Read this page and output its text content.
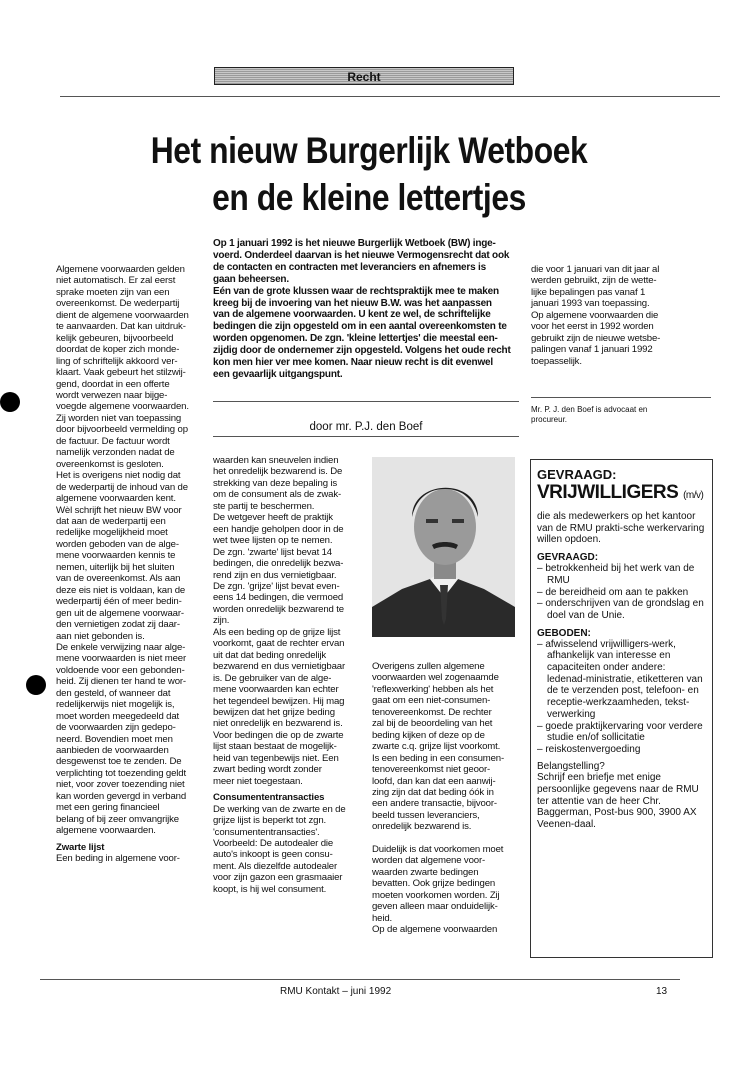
Recht
Het nieuw Burgerlijk Wetboek
en de kleine lettertjes

Op 1 januari 1992 is het nieuwe Burgerlijk Wetboek (BW) inge-

voerd. Onderdeel daarvan is het nieuwe Vermogensrecht dat ook

de contacten en contracten met leveranciers en afnemers is

gaan beheersen.

Eén van de grote klussen waar de rechtspraktijk mee te maken

kreeg bij de invoering van het nieuw B.W. was het aanpassen

van de algemene voorwaarden. U kent ze wel, de schriftelijke

bedingen die zijn opgesteld om in een aantal overeenkomsten te

worden opgenomen. De zgn. 'kleine lettertjes' die meestal een-

zijdig door de ondernemer zijn opgesteld. Volgens het oude recht

kon men hier ver mee komen. Naar nieuw recht is dit evenwel

een gevaarlijk uitgangspunt.

door mr. P.J. den Boef

Algemene voorwaarden gelden

niet automatisch. Er zal eerst

sprake moeten zijn van een

overeenkomst. De wederpartij

dient de algemene voorwaarden

te aanvaarden. Dat kan uitdruk-

kelijk gebeuren, bijvoorbeeld

doordat de koper zich monde-

ling of schriftelijk akkoord ver-

klaart. Vaak gebeurt het stilzwij-

gend, doordat in een offerte

wordt verwezen naar bijge-

voegde algemene voorwaarden.

Zij worden niet van toepassing

door bijvoorbeeld vermelding op

de factuur. De factuur wordt

namelijk verzonden nadat de

overeenkomst is gesloten.

Het is overigens niet nodig dat

de wederpartij de inhoud van de

algemene voorwaarden kent.

Wèl schrijft het nieuw BW voor

dat aan de wederpartij een

redelijke mogelijkheid moet

worden geboden van de alge-

mene voorwaarden kennis te

nemen, uiterlijk bij het sluiten

van de overeenkomst. Als aan

deze eis niet is voldaan, kan de

wederpartij één of meer bedin-

gen uit de algemene voorwaar-

den vernietigen zodat zij daar-

aan niet gebonden is.

De enkele verwijzing naar alge-

mene voorwaarden is niet meer

voldoende voor een gebonden-

heid. Zij dienen ter hand te wor-

den gesteld, of wanneer dat

redelijkerwijs niet mogelijk is,

moet worden meegedeeld dat

de voorwaarden zijn gedepo-

neerd. Bovendien moet men

aanbieden de voorwaarden

desgewenst toe te zenden. De

verplichting tot toezending geldt

niet, voor zover toezending niet

kan worden gevergd in verband

met een gering financieel

belang of bij zeer omvangrijke

algemene voorwaarden.

Zwarte lijst

Een beding in algemene voor-

waarden kan sneuvelen indien

het onredelijk bezwarend is. De

strekking van deze bepaling is

om de consument als de zwak-

ste partij te beschermen.

De wetgever heeft de praktijk

een handje geholpen door in de

wet twee lijsten op te nemen.

De zgn. 'zwarte' lijst bevat 14

bedingen, die onredelijk bezwa-

rend zijn en dus vernietigbaar.

De zgn. 'grijze' lijst bevat even-

eens 14 bedingen, die vermoed

worden onredelijk bezwarend te

zijn.

Als een beding op de grijze lijst

voorkomt, gaat de rechter ervan

uit dat dat beding onredelijk

bezwarend en dus vernietigbaar

is. De gebruiker van de alge-

mene voorwaarden kan echter

het tegendeel bewijzen. Hij mag

bewijzen dat het grijze beding

niet onredelijk en bezwarend is.

Voor bedingen die op de zwarte

lijst staan bestaat de mogelijk-

heid van tegenbewijs niet. Een

zwart beding wordt zonder

meer niet toegestaan.

Consumententransacties

De werking van de zwarte en de

grijze lijst is beperkt tot zgn.

'consumententransacties'.

Voorbeeld: De autodealer die

auto's inkoopt is geen consu-

ment. Als diezelfde autodealer

voor zijn gazon een grasmaaier

koopt, is hij wel consument.

Overigens zullen algemene

voorwaarden wel zogenaamde

'reflexwerking' hebben als het

gaat om een niet-consumen-

tenovereenkomst. De rechter

zal bij de beoordeling van het

beding kijken of deze op de

zwarte c.q. grijze lijst voorkomt.

Is een beding in een consumen-

tenovereenkomst niet geoor-

loofd, dan kan dat een aanwij-

zing zijn dat dat beding óók in

een andere transactie, bijvoor-

beeld tussen leveranciers,

onredelijk bezwarend is.

Duidelijk is dat voorkomen moet

worden dat algemene voor-

waarden zwarte bedingen

bevatten. Ook grijze bedingen

moeten voorkomen worden. Zij

geven alleen maar onduidelijk-

heid.

Op de algemene voorwaarden

die voor 1 januari van dit jaar al

werden gebruikt, zijn de wette-

lijke bepalingen pas vanaf 1

januari 1993 van toepassing.

Op algemene voorwaarden die

voor het eerst in 1992 worden

gebruikt zijn de nieuwe wetsbe-

palingen vanaf 1 januari 1992

toepasselijk.

Mr. P. J. den Boef is advocaat en
procureur.
GEVRAAGD:
VRIJWILLIGERS (m/v)
die als medewerkers op het kantoor van de RMU prakti-sche werkervaring willen opdoen.
GEVRAAGD:
– betrokkenheid bij het werk van de RMU
– de bereidheid om aan te pakken
– onderschrijven van de grondslag en doel van de Unie.
GEBODEN:
– afwisselend vrijwilligers-werk, afhankelijk van interesse en capaciteiten onder andere: ledenad-ministratie, etiketteren van de te verzenden post, telefoon- en receptie-werkzaamheden, tekst-verwerking
– goede praktijkervaring voor verdere studie en/of sollicitatie
– reiskostenvergoeding
Belangstelling?
Schrijf een briefje met enige persoonlijke gegevens naar de RMU ter attentie van de heer Chr. Baggerman, Post-bus 900, 3900 AX Veenen-daal.
RMU Kontakt – juni 1992	13
